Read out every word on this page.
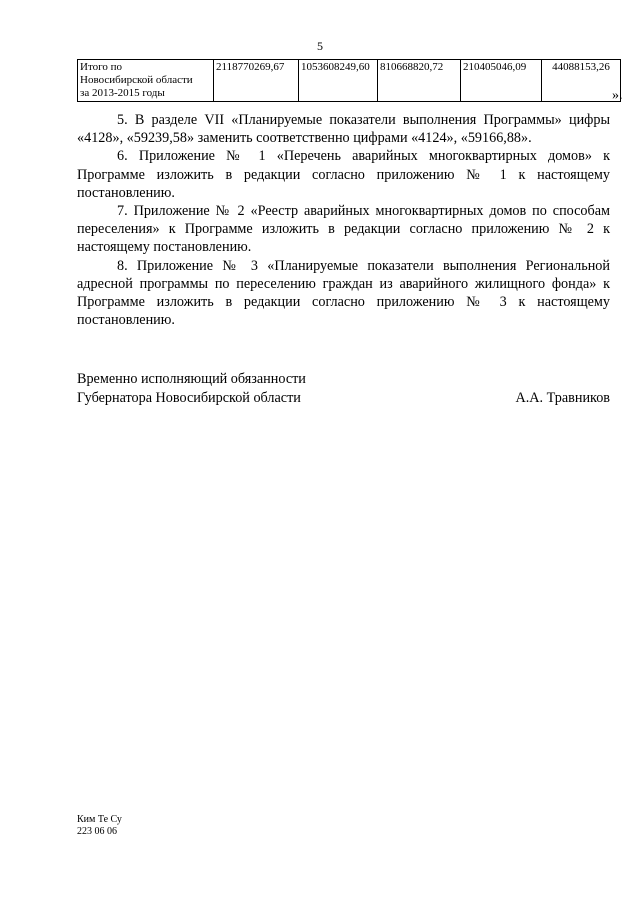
5
Итого по
Новосибирской области
за 2013-2015 годы
	2118770269,67	1053608249,60	810668820,72	210405046,09	44088153,26
».

5. В разделе VII «Планируемые показатели выполнения Программы» цифры «4128», «59239,58» заменить соответственно цифрами «4124», «59166,88».

6. Приложение № 1 «Перечень аварийных многоквартирных домов» к Программе изложить в редакции согласно приложению № 1 к настоящему постановлению.

7. Приложение № 2 «Реестр аварийных многоквартирных домов по способам переселения» к Программе изложить в редакции согласно приложению № 2 к настоящему постановлению.

8. Приложение № 3 «Планируемые показатели выполнения Региональной адресной программы по переселению граждан из аварийного жилищного фонда» к Программе изложить в редакции согласно приложению № 3 к настоящему постановлению.

Временно исполняющий обязанности
Губернатора Новосибирской области	А.А. Травников
Ким Те Су
223 06 06
